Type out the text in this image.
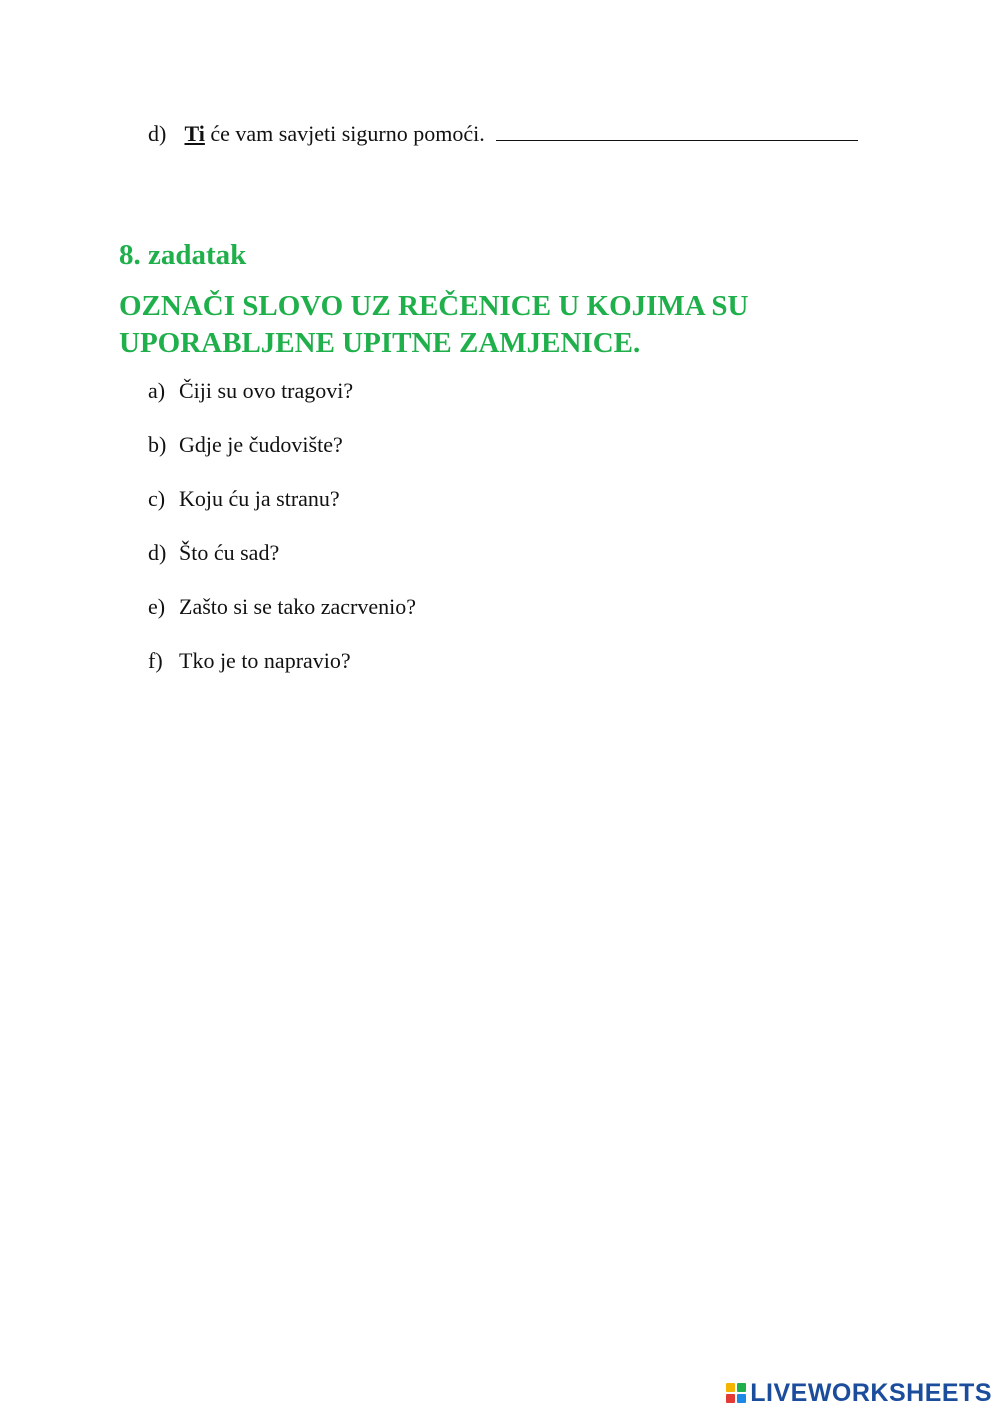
d) Ti će vam savjeti sigurno pomoći.
8. zadatak
OZNAČI SLOVO UZ REČENICE U KOJIMA SU UPORABLJENE UPITNE ZAMJENICE.
a) Čiji su ovo tragovi?
b) Gdje je čudovište?
c) Koju ću ja stranu?
d) Što ću sad?
e) Zašto si se tako zacrvenio?
f) Tko je to napravio?
LIVEWORKSHEETS
